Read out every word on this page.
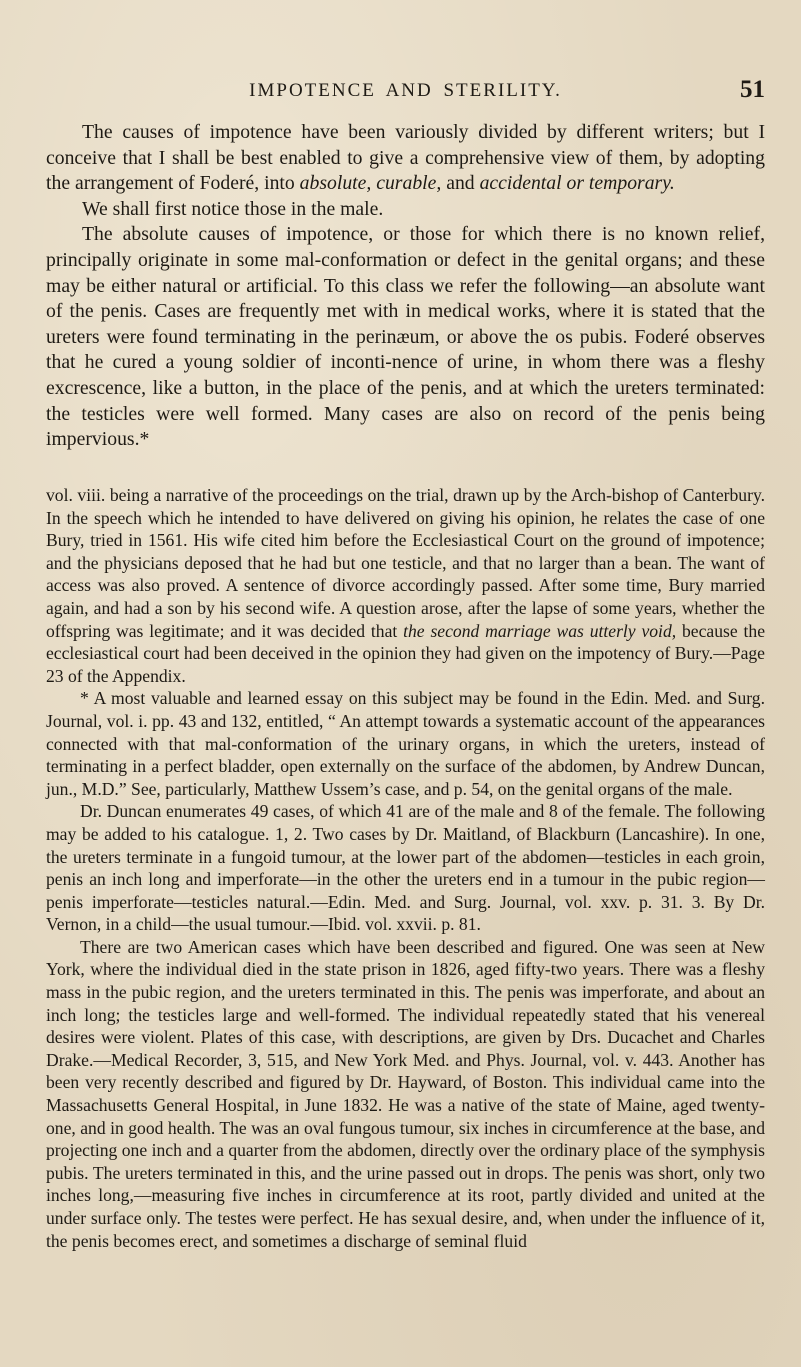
IMPOTENCE AND STERILITY.	51

The causes of impotence have been variously divided by different writers; but I conceive that I shall be best enabled to give a comprehensive view of them, by adopting the arrangement of Foderé, into absolute, curable, and accidental or temporary.

We shall first notice those in the male.

The absolute causes of impotence, or those for which there is no known relief, principally originate in some mal-conformation or defect in the genital organs; and these may be either natural or artificial. To this class we refer the following—an absolute want of the penis. Cases are frequently met with in medical works, where it is stated that the ureters were found terminating in the perinæum, or above the os pubis. Foderé observes that he cured a young soldier of inconti-nence of urine, in whom there was a fleshy excrescence, like a button, in the place of the penis, and at which the ureters terminated: the testicles were well formed. Many cases are also on record of the penis being impervious.*

vol. viii. being a narrative of the proceedings on the trial, drawn up by the Arch-bishop of Canterbury. In the speech which he intended to have delivered on giving his opinion, he relates the case of one Bury, tried in 1561. His wife cited him before the Ecclesiastical Court on the ground of impotence; and the physicians deposed that he had but one testicle, and that no larger than a bean. The want of access was also proved. A sentence of divorce accordingly passed. After some time, Bury married again, and had a son by his second wife. A question arose, after the lapse of some years, whether the offspring was legitimate; and it was decided that the second marriage was utterly void, because the ecclesiastical court had been deceived in the opinion they had given on the impotency of Bury.—Page 23 of the Appendix.

* A most valuable and learned essay on this subject may be found in the Edin. Med. and Surg. Journal, vol. i. pp. 43 and 132, entitled, “ An attempt towards a systematic account of the appearances connected with that mal-conformation of the urinary organs, in which the ureters, instead of terminating in a perfect bladder, open externally on the surface of the abdomen, by Andrew Duncan, jun., M.D.” See, particularly, Matthew Ussem’s case, and p. 54, on the genital organs of the male.

Dr. Duncan enumerates 49 cases, of which 41 are of the male and 8 of the female. The following may be added to his catalogue. 1, 2. Two cases by Dr. Maitland, of Blackburn (Lancashire). In one, the ureters terminate in a fungoid tumour, at the lower part of the abdomen—testicles in each groin, penis an inch long and imperforate—in the other the ureters end in a tumour in the pubic region—penis imperforate—testicles natural.—Edin. Med. and Surg. Journal, vol. xxv. p. 31. 3. By Dr. Vernon, in a child—the usual tumour.—Ibid. vol. xxvii. p. 81.

There are two American cases which have been described and figured. One was seen at New York, where the individual died in the state prison in 1826, aged fifty-two years. There was a fleshy mass in the pubic region, and the ureters terminated in this. The penis was imperforate, and about an inch long; the testicles large and well-formed. The individual repeatedly stated that his venereal desires were violent. Plates of this case, with descriptions, are given by Drs. Ducachet and Charles Drake.—Medical Recorder, 3, 515, and New York Med. and Phys. Journal, vol. v. 443. Another has been very recently described and figured by Dr. Hayward, of Boston. This individual came into the Massachusetts General Hospital, in June 1832. He was a native of the state of Maine, aged twenty-one, and in good health. The was an oval fungous tumour, six inches in circumference at the base, and projecting one inch and a quarter from the abdomen, directly over the ordinary place of the symphysis pubis. The ureters terminated in this, and the urine passed out in drops. The penis was short, only two inches long,—measuring five inches in circumference at its root, partly divided and united at the under surface only. The testes were perfect. He has sexual desire, and, when under the influence of it, the penis becomes erect, and sometimes a discharge of seminal fluid
